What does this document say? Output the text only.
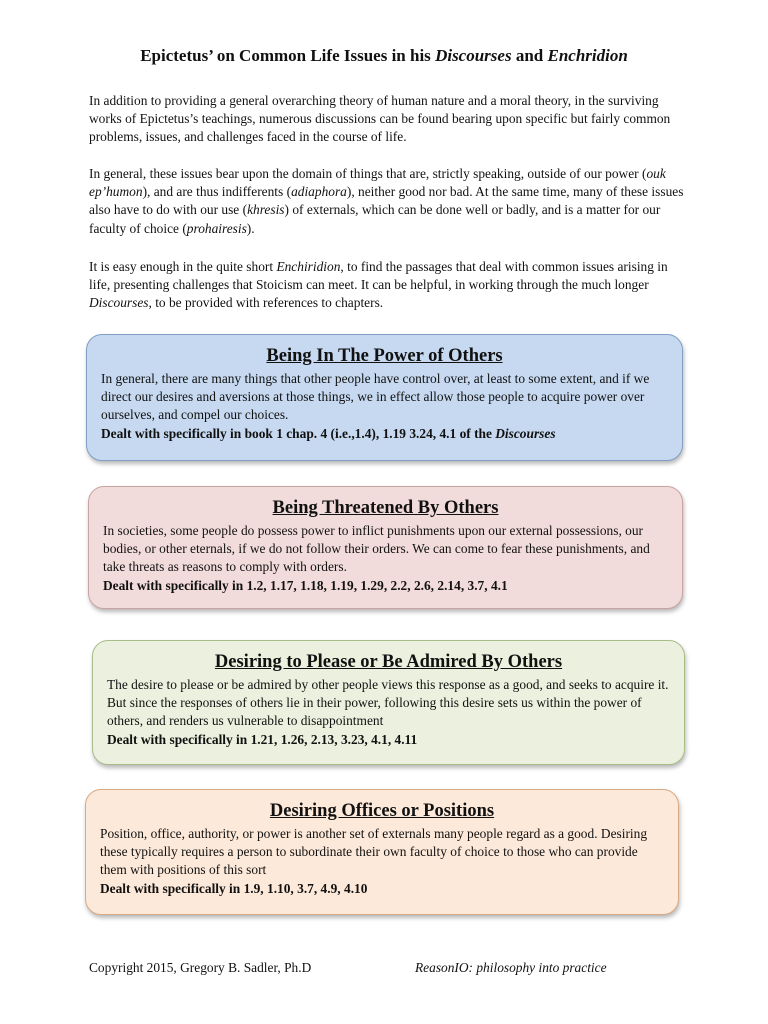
Epictetus’ on Common Life Issues in his Discourses and Enchridion

In addition to providing a general overarching theory of human nature and a moral theory, in the surviving works of Epictetus’s teachings, numerous discussions can be found bearing upon specific but fairly common problems, issues, and challenges faced in the course of life.

In general, these issues bear upon the domain of things that are, strictly speaking, outside of our power (ouk ep’humon), and are thus indifferents (adiaphora), neither good nor bad. At the same time, many of these issues also have to do with our use (khresis) of externals, which can be done well or badly, and is a matter for our faculty of choice (prohairesis).

It is easy enough in the quite short Enchiridion, to find the passages that deal with common issues arising in life, presenting challenges that Stoicism can meet. It can be helpful, in working through the much longer Discourses, to be provided with references to chapters.

Being In The Power of Others

In general, there are many things that other people have control over, at least to some extent, and if we direct our desires and aversions at those things, we in effect allow those people to acquire power over ourselves, and compel our choices.

Dealt with specifically in book 1 chap. 4 (i.e.,1.4), 1.19 3.24, 4.1 of the Discourses
Being Threatened By Others

In societies, some people do possess power to inflict punishments upon our external possessions, our bodies, or other eternals, if we do not follow their orders. We can come to fear these punishments, and take threats as reasons to comply with orders.

Dealt with specifically in 1.2, 1.17, 1.18, 1.19, 1.29, 2.2, 2.6, 2.14, 3.7, 4.1
Desiring to Please or Be Admired By Others

The desire to please or be admired by other people views this response as a good, and seeks to acquire it. But since the responses of others lie in their power, following this desire sets us within the power of others, and renders us vulnerable to disappointment

Dealt with specifically in 1.21, 1.26, 2.13, 3.23, 4.1, 4.11
Desiring Offices or Positions

Position, office, authority, or power is another set of externals many people regard as a good. Desiring these typically requires a person to subordinate their own faculty of choice to those who can provide them with positions of this sort

Dealt with specifically in 1.9, 1.10, 3.7, 4.9, 4.10
Copyright 2015, Gregory B. Sadler, Ph.D	ReasonIO: philosophy into practice
